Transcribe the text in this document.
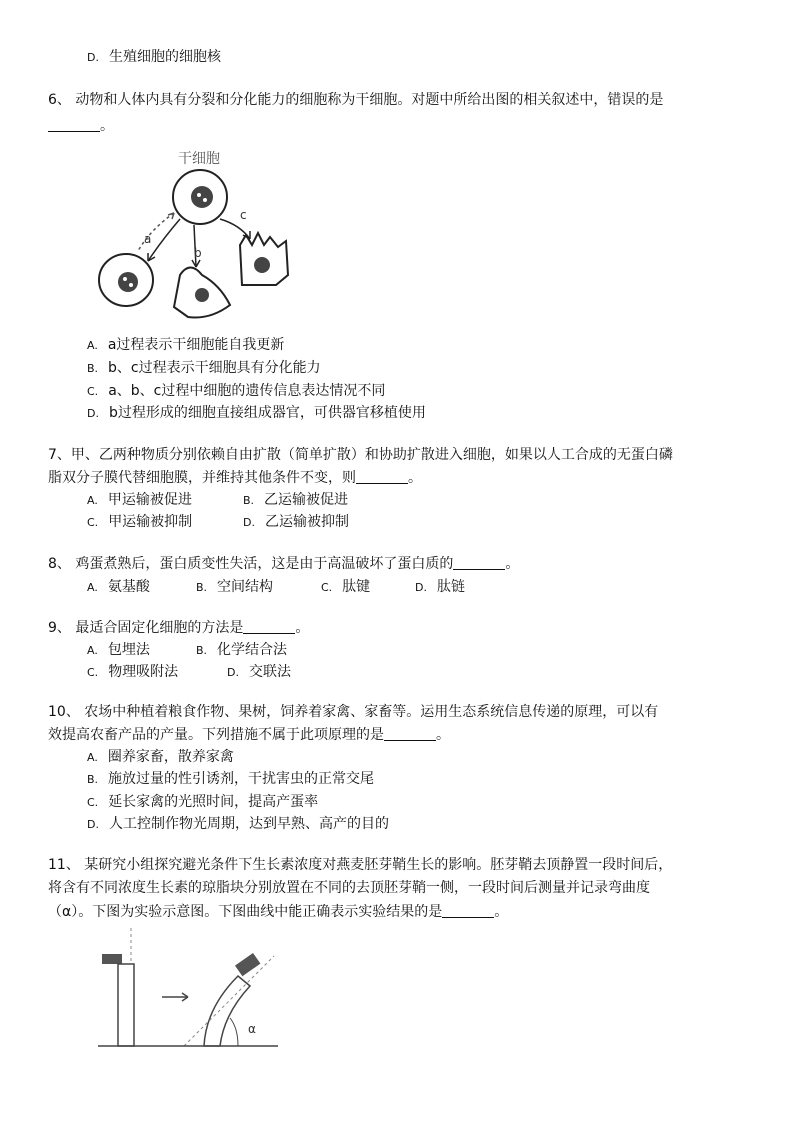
D. 生殖细胞的细胞核
6、 动物和人体内具有分裂和分化能力的细胞称为干细胞。对题中所给出图的相关叙述中，错误的是
。
干细胞
a
b
c
A. a过程表示干细胞能自我更新
B. b、c过程表示干细胞具有分化能力
C. a、b、c过程中细胞的遗传信息表达情况不同
D. b过程形成的细胞直接组成器官，可供器官移植使用
7、甲、乙两种物质分别依赖自由扩散（简单扩散）和协助扩散进入细胞，如果以人工合成的无蛋白磷
脂双分子膜代替细胞膜，并维持其他条件不变，则	。
A. 甲运输被促进	B. 乙运输被促进
C. 甲运输被抑制	D. 乙运输被抑制
8、 鸡蛋煮熟后，蛋白质变性失活，这是由于高温破坏了蛋白质的	。
A. 氨基酸	B. 空间结构	C. 肽键	D. 肽链
9、 最适合固定化细胞的方法是	。
A. 包埋法	B. 化学结合法
C. 物理吸附法	D. 交联法
10、 农场中种植着粮食作物、果树，饲养着家禽、家畜等。运用生态系统信息传递的原理，可以有
效提高农畜产品的产量。下列措施不属于此项原理的是	。
A. 圈养家畜，散养家禽
B. 施放过量的性引诱剂，干扰害虫的正常交尾
C. 延长家禽的光照时间，提高产蛋率
D. 人工控制作物光周期，达到早熟、高产的目的
11、 某研究小组探究避光条件下生长素浓度对燕麦胚芽鞘生长的影响。胚芽鞘去顶静置一段时间后，
将含有不同浓度生长素的琼脂块分别放置在不同的去顶胚芽鞘一侧，一段时间后测量并记录弯曲度
（α）。下图为实验示意图。下图曲线中能正确表示实验结果的是	。
α
